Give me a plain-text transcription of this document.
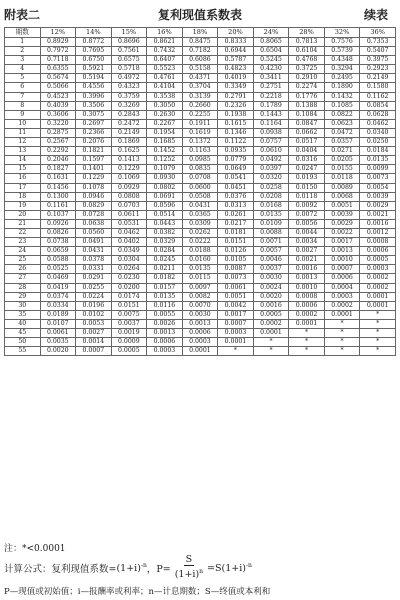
附表二	复利现值系数表	续表
期数	12%	14%	15%	16%	18%	20%	24%	28%	32%	36%
1	0.8929	0.8772	0.8696	0.8621	0.8475	0.8333	0.8065	0.7813	0.7576	0.7353
2	0.7972	0.7695	0.7561	0.7432	0.7182	0.6944	0.6504	0.6104	0.5739	0.5407
3	0.7118	0.6750	0.6575	0.6407	0.6086	0.5787	0.5245	0.4768	0.4348	0.3975
4	0.6355	0.5921	0.5718	0.5523	0.5158	0.4823	0.4230	0.3725	0.3294	0.2923
5	0.5674	0.5194	0.4972	0.4761	0.4371	0.4019	0.3411	0.2910	0.2495	0.2149
6	0.5066	0.4556	0.4323	0.4104	0.3704	0.3349	0.2751	0.2274	0.1890	0.1580
7	0.4523	0.3996	0.3759	0.3538	0.3139	0.2791	0.2218	0.1776	0.1432	0.1162
8	0.4039	0.3506	0.3269	0.3050	0.2660	0.2326	0.1789	0.1388	0.1085	0.0854
9	0.3606	0.3075	0.2843	0.2630	0.2255	0.1938	0.1443	0.1084	0.0822	0.0628
10	0.3220	0.2697	0.2472	0.2267	0.1911	0.1615	0.1164	0.0847	0.0623	0.0462
11	0.2875	0.2366	0.2149	0.1954	0.1619	0.1346	0.0938	0.0662	0.0472	0.0340
12	0.2567	0.2076	0.1869	0.1685	0.1372	0.1122	0.0757	0.0517	0.0357	0.0250
13	0.2292	0.1821	0.1625	0.1452	0.1163	0.0935	0.0610	0.0404	0.0271	0.0184
14	0.2046	0.1597	0.1413	0.1252	0.0985	0.0779	0.0492	0.0316	0.0205	0.0135
15	0.1827	0.1401	0.1229	0.1079	0.0835	0.0649	0.0397	0.0247	0.0155	0.0099
16	0.1631	0.1229	0.1069	0.0930	0.0708	0.0541	0.0320	0.0193	0.0118	0.0073
17	0.1456	0.1078	0.0929	0.0802	0.0600	0.0451	0.0258	0.0150	0.0089	0.0054
18	0.1300	0.0946	0.0808	0.0691	0.0508	0.0376	0.0208	0.0118	0.0068	0.0039
19	0.1161	0.0829	0.0703	0.0596	0.0431	0.0313	0.0168	0.0092	0.0051	0.0029
20	0.1037	0.0728	0.0611	0.0514	0.0365	0.0261	0.0135	0.0072	0.0039	0.0021
21	0.0926	0.0638	0.0531	0.0443	0.0309	0.0217	0.0109	0.0056	0.0029	0.0016
22	0.0826	0.0560	0.0462	0.0382	0.0262	0.0181	0.0088	0.0044	0.0022	0.0012
23	0.0738	0.0491	0.0402	0.0329	0.0222	0.0151	0.0071	0.0034	0.0017	0.0008
24	0.0659	0.0431	0.0349	0.0284	0.0188	0.0126	0.0057	0.0027	0.0013	0.0006
25	0.0588	0.0378	0.0304	0.0245	0.0160	0.0105	0.0046	0.0021	0.0010	0.0005
26	0.0525	0.0331	0.0264	0.0211	0.0135	0.0087	0.0037	0.0016	0.0007	0.0003
27	0.0469	0.0291	0.0230	0.0182	0.0115	0.0073	0.0030	0.0013	0.0006	0.0002
28	0.0419	0.0255	0.0200	0.0157	0.0097	0.0061	0.0024	0.0010	0.0004	0.0002
29	0.0374	0.0224	0.0174	0.0135	0.0082	0.0051	0.0020	0.0008	0.0003	0.0001
30	0.0334	0.0196	0.0151	0.0116	0.0070	0.0042	0.0016	0.0006	0.0002	0.0001
35	0.0189	0.0102	0.0075	0.0055	0.0030	0.0017	0.0005	0.0002	0.0001	*
40	0.0107	0.0053	0.0037	0.0026	0.0013	0.0007	0.0002	0.0001	*	*
45	0.0061	0.0027	0.0019	0.0013	0.0006	0.0003	0.0001	*	*	*
50	0.0035	0.0014	0.0009	0.0006	0.0003	0.0001	*	*	*	*
55	0.0020	0.0007	0.0005	0.0003	0.0001	*	*	*	*	*
注：*<0.0001
计算公式：复利现值系数= $(1+i)^{-n}$ ，$P= \frac{S}{(1+i)^n} =S$ $(1+i)^{-n}$
P—现值或初始值；i—报酬率或利率；n—计息期数；S—终值或本利和
